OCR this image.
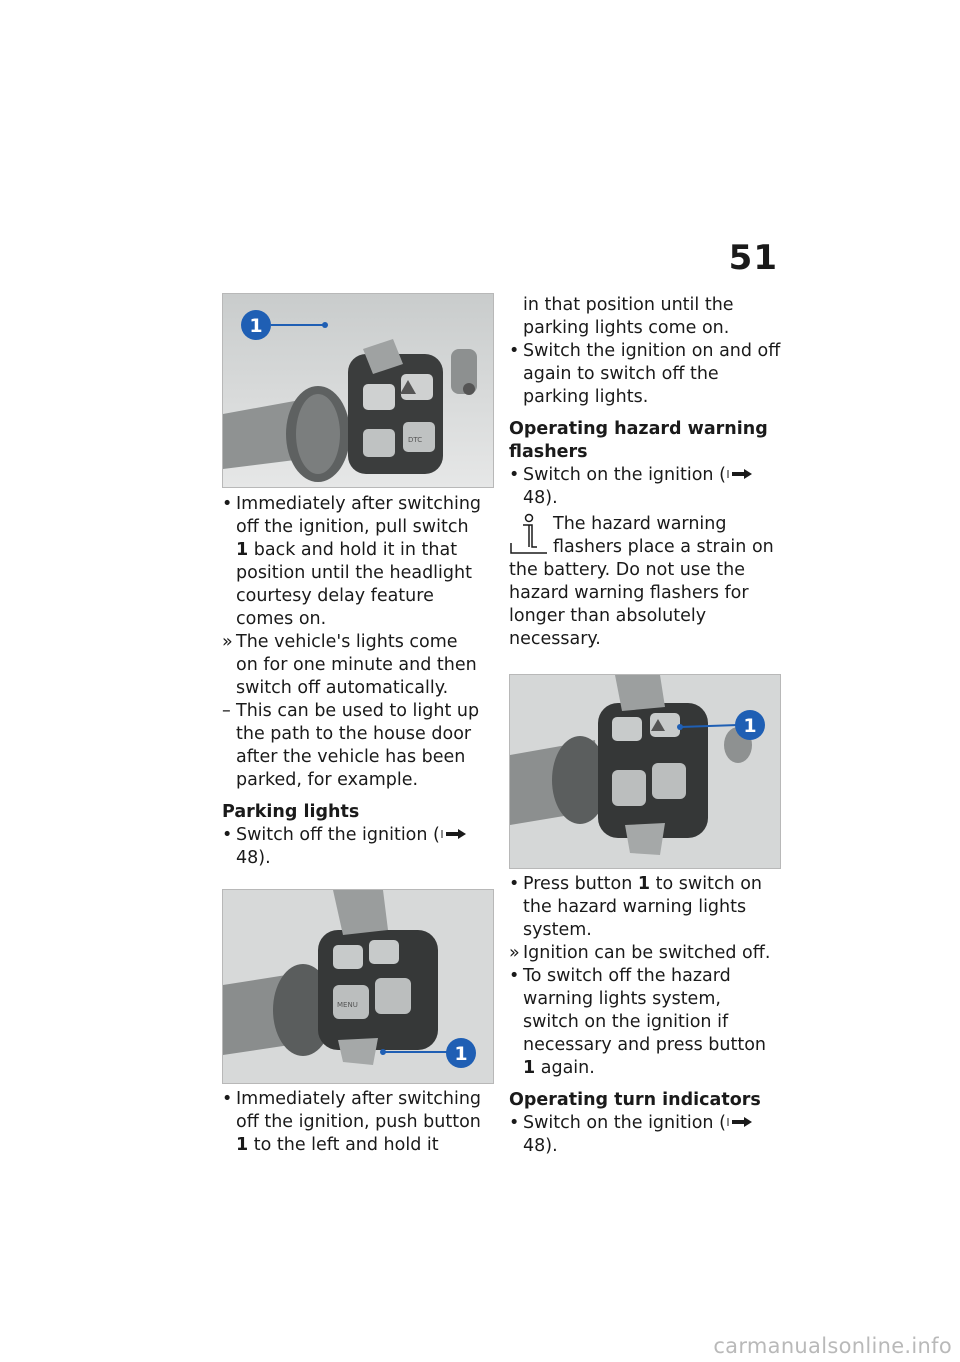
51
DTC
1
• Immediately after switching off the ignition, pull switch 1 back and hold it in that position until the headlight courtesy delay feature comes on.
» The vehicle's lights come on for one minute and then switch off automatically.
– This can be used to light up the path to the house door after the vehicle has been parked, for example.
Parking lights
• Switch off the ignition ( 48).
MENU
1
• Immediately after switching off the ignition, push button 1 to the left and hold it
in that position until the parking lights come on.
• Switch the ignition on and off again to switch off the parking lights.
Operating hazard warning flashers
• Switch on the ignition ( 48).
The hazard warning flashers place a strain on the battery. Do not use the hazard warning flashers for longer than absolutely necessary.
1
• Press button 1 to switch on the hazard warning lights system.
» Ignition can be switched off.
• To switch off the hazard warning lights system, switch on the ignition if necessary and press button 1 again.
Operating turn indicators
• Switch on the ignition ( 48).
carmanualsonline.info
